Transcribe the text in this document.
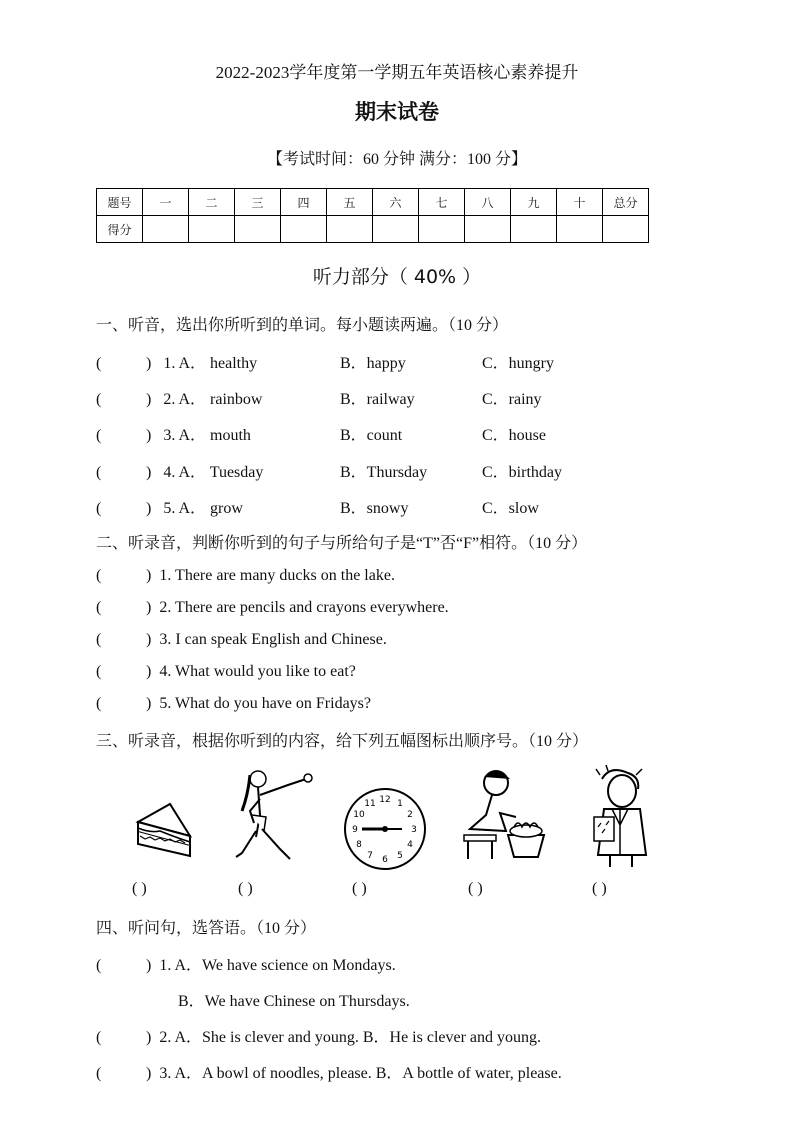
2022-2023学年度第一学期五年英语核心素养提升
期末试卷
【考试时间：60 分钟 满分：100 分】
题号	一	二	三	四	五	六	七	八	九	十	总分
得分											
听力部分（ 40% ）
一、听音，选出你所听到的单词。每小题读两遍。（10 分）
(	) 1. A． healthy	B．happy	C．hungry
(	) 2. A． rainbow	B．railway	C．rainy
(	) 3. A． mouth	B．count	C．house
(	) 4. A． Tuesday	B．Thursday	C．birthday
(	) 5. A． grow	B．snowy	C．slow
二、听录音，判断你听到的句子与所给句子是“T”否“F”相符。（10 分）
(	) 1. There are many ducks on the lake.
(	) 2. There are pencils and crayons everywhere.
(	) 3. I can speak English and Chinese.
(	) 4. What would you like to eat?
(	) 5. What do you have on Fridays?
三、听录音，根据你听到的内容，给下列五幅图标出顺序号。（10 分）
12 1
2
3
4
5
6
7
8
9
10
11
( )	( )	( )	( )	( )
四、听问句，选答语。（10 分）
(	) 1. A．We have science on Mondays.
B．We have Chinese on Thursdays.
(	) 2. A．She is clever and young. B．He is clever and young.
(	) 3. A．A bowl of noodles, please. B．A bottle of water, please.
